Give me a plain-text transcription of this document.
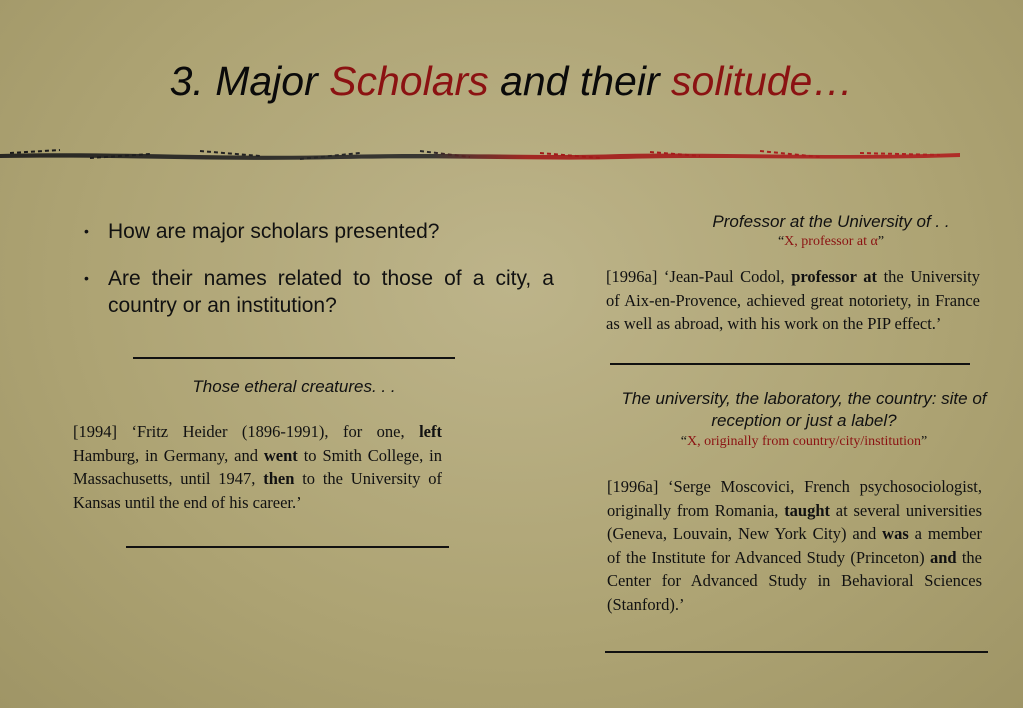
3. Major Scholars and their solitude…
• How are major scholars presented?
• Are their names related to those of a city, a country or an institution?
Those etheral creatures. . .
[1994] ‘Fritz Heider (1896-1991), for one, left Hamburg, in Germany, and went to Smith College, in Massachusetts, until 1947, then to the University of Kansas until the end of his career.’
Professor at the University of . .
“X, professor at α”
[1996a] ‘Jean-Paul Codol, professor at the University of Aix-en-Provence, achieved great notoriety, in France as well as abroad, with his work on the PIP effect.’
The university, the laboratory, the country: site of reception or just a label?
“X, originally from country/city/institution”
[1996a] ‘Serge Moscovici, French psychosociologist, originally from Romania, taught at several universities (Geneva, Louvain, New York City) and was a member of the Institute for Advanced Study (Princeton) and the Center for Advanced Study in Behavioral Sciences (Stanford).’
